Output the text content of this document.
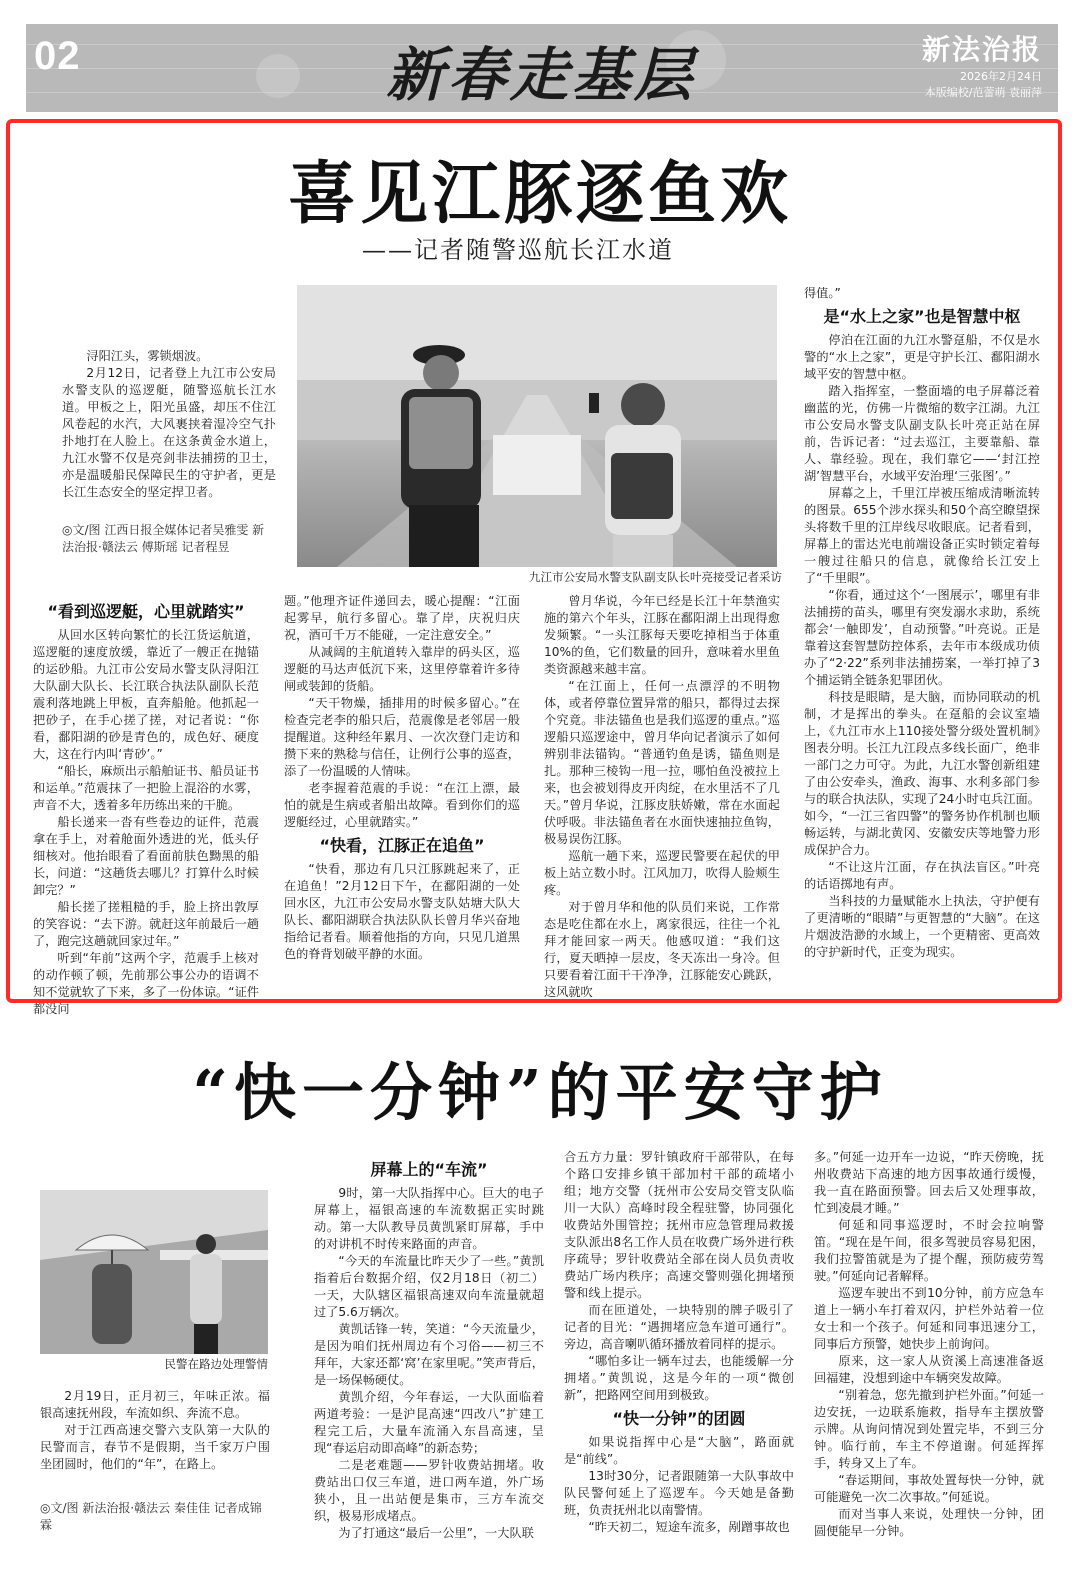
02	新春走基层	新法治报
2026年2月24日
本版编校/范蕾萌 袁丽萍
喜见江豚逐鱼欢
——记者随警巡航长江水道

浔阳江头，雾锁烟波。

2月12日，记者登上九江市公安局水警支队的巡逻艇，随警巡航长江水道。甲板之上，阳光虽盛，却压不住江风卷起的水汽，大风裹挟着湿冷空气扑扑地打在人脸上。在这条黄金水道上，九江水警不仅是亮剑非法捕捞的卫士，亦是温暖船民保障民生的守护者，更是长江生态安全的坚定捍卫者。

◎文/图 江西日报全媒体记者吴雅雯 新法治报·赣法云 傅斯瑶 记者程昱
九江市公安局水警支队副支队长叶亮接受记者采访
“看到巡逻艇，心里就踏实”

从回水区转向繁忙的长江货运航道，巡逻艇的速度放缓，靠近了一艘正在抛锚的运砂船。九江市公安局水警支队浔阳江大队副大队长、长江联合执法队副队长范震利落地跳上甲板，直奔船舱。他抓起一把砂子，在手心搓了搓，对记者说：“你看，鄱阳湖的砂是青色的，成色好、硬度大，这在行内叫‘青砂’。”

“船长，麻烦出示船舶证书、船员证书和运单。”范震抹了一把脸上混浴的水雾，声音不大，透着多年历练出来的干脆。

船长递来一沓有些卷边的证件，范震拿在手上，对着舱面外透进的光，低头仔细核对。他抬眼看了看面前肤色黝黑的船长，问道：“这趟货去哪儿？打算什么时候卸完？”

船长搓了搓粗糙的手，脸上挤出敦厚的笑容说：“去下游。就赶这年前最后一趟了，跑完这趟就回家过年。”

听到“年前”这两个字，范震手上核对的动作顿了顿，先前那公事公办的语调不知不觉就软了下来，多了一份体谅。“证件都没问

题。”他理齐证件递回去，暖心提醒：“江面起雾早，航行多留心。靠了岸，庆祝归庆祝，酒可千万不能碰，一定注意安全。”

从减阔的主航道转入靠岸的码头区，巡逻艇的马达声低沉下来，这里停靠着许多待闸或装卸的货船。

“天干物燥，插排用的时候多留心。”在检查完老李的船只后，范震像是老邻居一般提醒道。这种经年累月、一次次登门走访和攒下来的熟稔与信任，让例行公事的巡查，添了一份温暖的人情味。

老李握着范震的手说：“在江上漂，最怕的就是生病或者船出故障。看到你们的巡逻艇经过，心里就踏实。”

“快看，江豚正在追鱼”

“快看，那边有几只江豚跳起来了，正在追鱼！”2月12日下午，在鄱阳湖的一处回水区，九江市公安局水警支队姑塘大队大队长、鄱阳湖联合执法队队长曾月华兴奋地指给记者看。顺着他指的方向，只见几道黑色的脊背划破平静的水面。

曾月华说，今年已经是长江十年禁渔实施的第六个年头，江豚在鄱阳湖上出现得愈发频繁。“一头江豚每天要吃掉相当于体重10%的鱼，它们数量的回升，意味着水里鱼类资源越来越丰富。

“在江面上，任何一点漂浮的不明物体，或者停靠位置异常的船只，都得过去探个究竟。非法锚鱼也是我们巡逻的重点。”巡逻船只巡逻途中，曾月华向记者演示了如何辨别非法锚钩。“普通钓鱼是诱，锚鱼则是扎。那种三棱钩一甩一拉，哪怕鱼没被拉上来，也会被划得皮开肉绽，在水里活不了几天。”曾月华说，江豚皮肤娇嫩，常在水面起伏呼吸。非法锚鱼者在水面快速抽拉鱼钩，极易误伤江豚。

巡航一趟下来，巡逻民警要在起伏的甲板上站立数小时。江风加刀，吹得人脸颊生疼。

对于曾月华和他的队员们来说，工作常态是吃住都在水上，离家很远，往往一个礼拜才能回家一两天。他感叹道：“我们这行，夏天晒掉一层皮，冬天冻出一身冷。但只要看着江面干干净净，江豚能安心跳跃，这风就吹

得值。”

是“水上之家”也是智慧中枢

停泊在江面的九江水警趸船，不仅是水警的“水上之家”，更是守护长江、鄱阳湖水域平安的智慧中枢。

踏入指挥室，一整面墙的电子屏幕泛着幽蓝的光，仿佛一片微缩的数字江湖。九江市公安局水警支队副支队长叶亮正站在屏前，告诉记者：“过去巡江，主要靠船、靠人、靠经验。现在，我们靠它——‘封江控湖’智慧平台，水域平安治理‘三张图’。”

屏幕之上，千里江岸被压缩成清晰流转的图景。655个涉水探头和50个高空瞭望探头将数千里的江岸线尽收眼底。记者看到，屏幕上的雷达光电前端设备正实时锁定着每一艘过往船只的信息，就像给长江安上了“千里眼”。

“你看，通过这个‘一图展示’，哪里有非法捕捞的苗头，哪里有突发溺水求助，系统都会‘一触即发’，自动预警。”叶亮说。正是靠着这套智慧防控体系，去年市本级成功侦办了“2·22”系列非法捕捞案，一举打掉了3个捕运销全链条犯罪团伙。

科技是眼睛，是大脑，而协同联动的机制，才是挥出的拳头。在趸船的会议室墙上，《九江市水上110接处警分级处置机制》图表分明。长江九江段点多线长面广，绝非一部门之力可守。为此，九江水警创新组建了由公安牵头，渔政、海事、水利多部门参与的联合执法队，实现了24小时屯兵江面。如今，“一江三省四警”的警务协作机制也顺畅运转，与湖北黄冈、安徽安庆等地警力形成保护合力。

“不让这片江面，存在执法盲区。”叶亮的话语掷地有声。

当科技的力量赋能水上执法，守护便有了更清晰的“眼睛”与更智慧的“大脑”。在这片烟波浩渺的水域上，一个更精密、更高效的守护新时代，正变为现实。

“快一分钟”的平安守护
民警在路边处理警情

2月19日，正月初三，年味正浓。福银高速抚州段，车流如织、奔流不息。

对于江西高速交警六支队第一大队的民警而言，春节不是假期，当千家万户围坐团圆时，他们的“年”，在路上。

◎文/图 新法治报·赣法云 秦佳佳 记者成锦霖
屏幕上的“车流”

9时，第一大队指挥中心。巨大的电子屏幕上，福银高速的车流数据正实时跳动。第一大队教导员黄凯紧盯屏幕，手中的对讲机不时传来路面的声音。

“今天的车流量比昨天少了一些。”黄凯指着后台数据介绍，仅2月18日（初二）一天，大队辖区福银高速双向车流量就超过了5.6万辆次。

黄凯话锋一转，笑道：“今天流量少，是因为咱们抚州周边有个习俗——初三不拜年，大家还都‘窝’在家里呢。”笑声背后，是一场保畅硬仗。

黄凯介绍，今年春运，一大队面临着两道考验：一是沪昆高速“四改八”扩建工程完工后，大量车流涌入东昌高速，呈现“春运启动即高峰”的新态势；

二是老难题——罗针收费站拥堵。收费站出口仅三车道，进口两车道，外广场狭小，且一出站便是集市，三方车流交织，极易形成堵点。

为了打通这“最后一公里”，一大队联

合五方力量：罗针镇政府干部带队，在每个路口安排乡镇干部加村干部的疏堵小组；地方交警（抚州市公安局交管支队临川一大队）高峰时段全程驻警，协同强化收费站外围管控；抚州市应急管理局救援支队派出8名工作人员在收费广场外进行秩序疏导；罗针收费站全部在岗人员负责收费站广场内秩序；高速交警则强化拥堵预警和线上提示。

而在匝道处，一块特别的牌子吸引了记者的目光：“遇拥堵应急车道可通行”。旁边，高音喇叭循环播放着同样的提示。

“哪怕多让一辆车过去，也能缓解一分拥堵。”黄凯说，这是今年的一项“微创新”，把路网空间用到极致。

“快一分钟”的团圆

如果说指挥中心是“大脑”，路面就是“前线”。

13时30分，记者跟随第一大队事故中队民警何延上了巡逻车。今天她是备勤班，负责抚州北以南警情。

“昨天初二，短途车流多，剐蹭事故也

多。”何延一边开车一边说，“昨天傍晚，抚州收费站下高速的地方因事故通行缓慢，我一直在路面预警。回去后又处理事故，忙到凌晨才睡。”

何延和同事巡逻时，不时会拉响警笛。“现在是午间，很多驾驶员容易犯困，我们拉警笛就是为了提个醒，预防疲劳驾驶。”何延向记者解释。

巡逻车驶出不到10分钟，前方应急车道上一辆小车打着双闪，护栏外站着一位女士和一个孩子。何延和同事迅速分工，同事后方预警，她快步上前询问。

原来，这一家人从资溪上高速准备返回福建，没想到途中车辆突发故障。

“别着急，您先撤到护栏外面。”何延一边安抚，一边联系施救，指导车主摆放警示牌。从询问情况到处置完毕，不到三分钟。临行前，车主不停道谢。何延挥挥手，转身又上了车。

“春运期间，事故处置每快一分钟，就可能避免一次二次事故。”何延说。

而对当事人来说，处理快一分钟，团圆便能早一分钟。
